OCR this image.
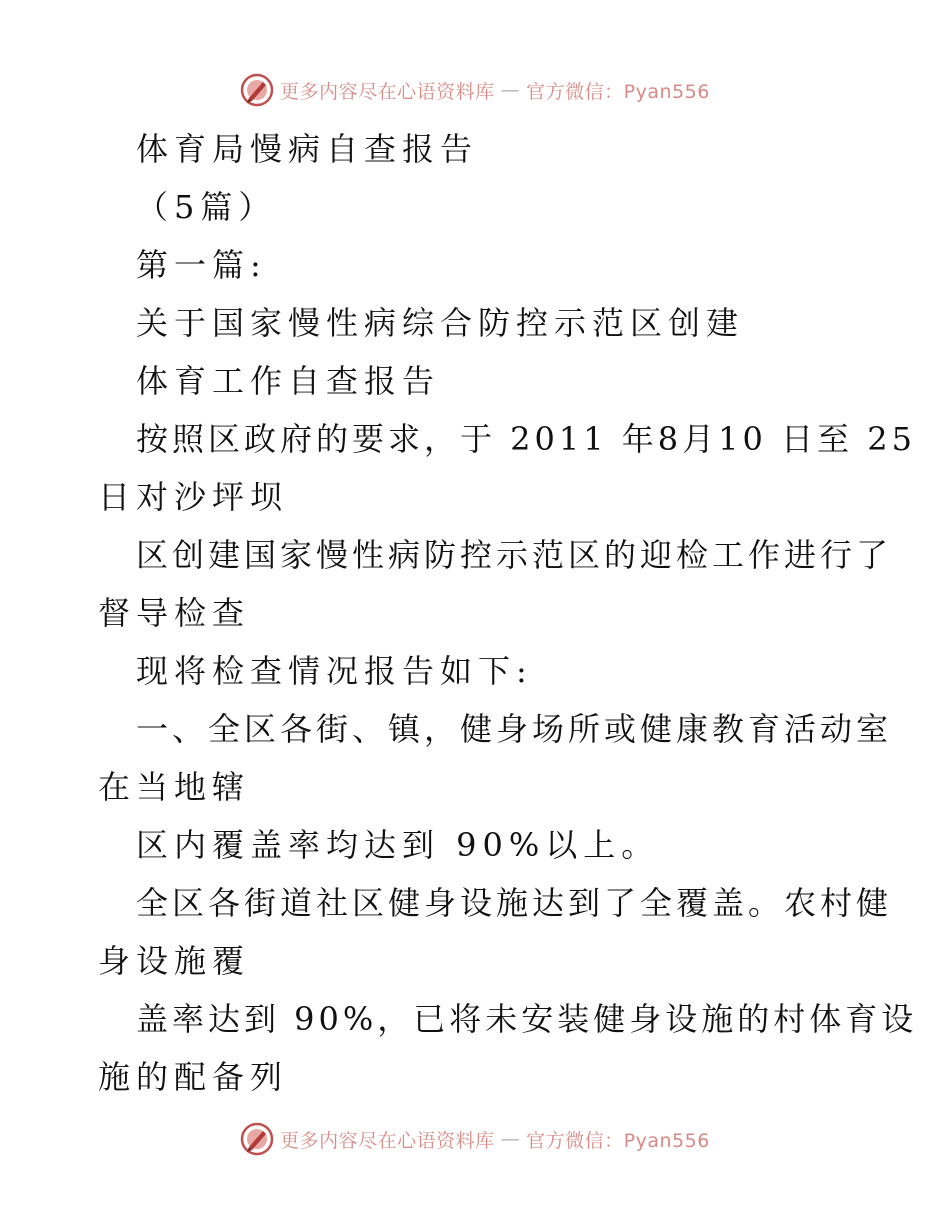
更多内容尽在心语资料库 — 官方微信：Pyan556
体育局慢病自查报告
（5篇）
第一篇:
关于国家慢性病综合防控示范区创建
体育工作自查报告
按照区政府的要求，于 2011 年8月10 日至 25
日对沙坪坝
区创建国家慢性病防控示范区的迎检工作进行了
督导检查
现将检查情况报告如下:
一、全区各街、镇，健身场所或健康教育活动室
在当地辖
区内覆盖率均达到 90%以上。
全区各街道社区健身设施达到了全覆盖。农村健
身设施覆
盖率达到 90%，已将未安装健身设施的村体育设
施的配备列
更多内容尽在心语资料库 — 官方微信：Pyan556
